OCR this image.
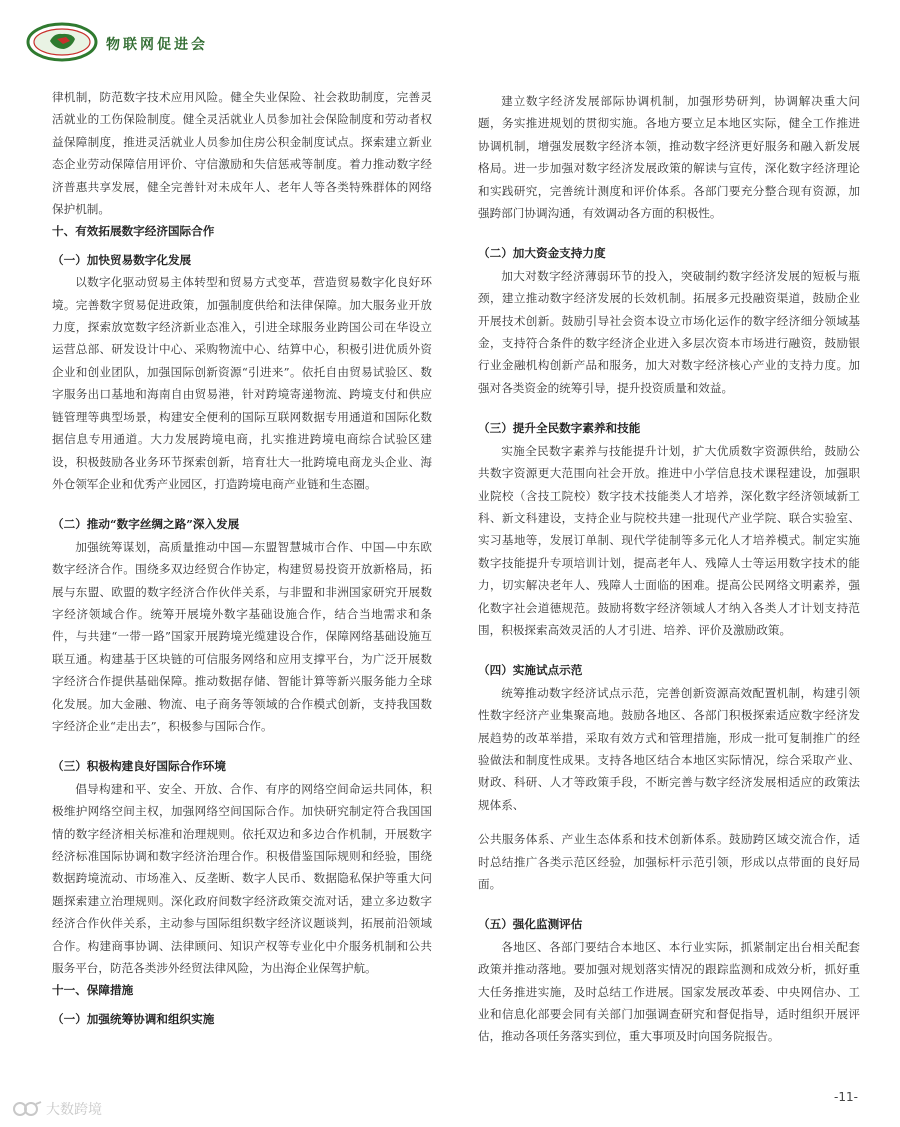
物联网促进会

律机制，防范数字技术应用风险。健全失业保险、社会救助制度，完善灵活就业的工伤保险制度。健全灵活就业人员参加社会保险制度和劳动者权益保障制度，推进灵活就业人员参加住房公积金制度试点。探索建立新业态企业劳动保障信用评价、守信激励和失信惩戒等制度。着力推动数字经济普惠共享发展，健全完善针对未成年人、老年人等各类特殊群体的网络保护机制。

十、有效拓展数字经济国际合作

（一）加快贸易数字化发展

以数字化驱动贸易主体转型和贸易方式变革，营造贸易数字化良好环境。完善数字贸易促进政策，加强制度供给和法律保障。加大服务业开放力度，探索放宽数字经济新业态准入，引进全球服务业跨国公司在华设立运营总部、研发设计中心、采购物流中心、结算中心，积极引进优质外资企业和创业团队，加强国际创新资源“引进来”。依托自由贸易试验区、数字服务出口基地和海南自由贸易港，针对跨境寄递物流、跨境支付和供应链管理等典型场景，构建安全便利的国际互联网数据专用通道和国际化数据信息专用通道。大力发展跨境电商，扎实推进跨境电商综合试验区建设，积极鼓励各业务环节探索创新，培育壮大一批跨境电商龙头企业、海外仓领军企业和优秀产业园区，打造跨境电商产业链和生态圈。

（二）推动“数字丝绸之路”深入发展

加强统筹谋划，高质量推动中国—东盟智慧城市合作、中国—中东欧数字经济合作。围绕多双边经贸合作协定，构建贸易投资开放新格局，拓展与东盟、欧盟的数字经济合作伙伴关系，与非盟和非洲国家研究开展数字经济领域合作。统筹开展境外数字基础设施合作，结合当地需求和条件，与共建“一带一路”国家开展跨境光缆建设合作，保障网络基础设施互联互通。构建基于区块链的可信服务网络和应用支撑平台，为广泛开展数字经济合作提供基础保障。推动数据存储、智能计算等新兴服务能力全球化发展。加大金融、物流、电子商务等领域的合作模式创新，支持我国数字经济企业“走出去”，积极参与国际合作。

（三）积极构建良好国际合作环境

倡导构建和平、安全、开放、合作、有序的网络空间命运共同体，积极维护网络空间主权，加强网络空间国际合作。加快研究制定符合我国国情的数字经济相关标准和治理规则。依托双边和多边合作机制，开展数字经济标准国际协调和数字经济治理合作。积极借鉴国际规则和经验，围绕数据跨境流动、市场准入、反垄断、数字人民币、数据隐私保护等重大问题探索建立治理规则。深化政府间数字经济政策交流对话，建立多边数字经济合作伙伴关系，主动参与国际组织数字经济议题谈判，拓展前沿领域合作。构建商事协调、法律顾问、知识产权等专业化中介服务机制和公共服务平台，防范各类涉外经贸法律风险，为出海企业保驾护航。

十一、保障措施

（一）加强统筹协调和组织实施

建立数字经济发展部际协调机制，加强形势研判，协调解决重大问题，务实推进规划的贯彻实施。各地方要立足本地区实际，健全工作推进协调机制，增强发展数字经济本领，推动数字经济更好服务和融入新发展格局。进一步加强对数字经济发展政策的解读与宣传，深化数字经济理论和实践研究，完善统计测度和评价体系。各部门要充分整合现有资源，加强跨部门协调沟通，有效调动各方面的积极性。

（二）加大资金支持力度

加大对数字经济薄弱环节的投入，突破制约数字经济发展的短板与瓶颈，建立推动数字经济发展的长效机制。拓展多元投融资渠道，鼓励企业开展技术创新。鼓励引导社会资本设立市场化运作的数字经济细分领域基金，支持符合条件的数字经济企业进入多层次资本市场进行融资，鼓励银行业金融机构创新产品和服务，加大对数字经济核心产业的支持力度。加强对各类资金的统筹引导，提升投资质量和效益。

（三）提升全民数字素养和技能

实施全民数字素养与技能提升计划，扩大优质数字资源供给，鼓励公共数字资源更大范围向社会开放。推进中小学信息技术课程建设，加强职业院校（含技工院校）数字技术技能类人才培养，深化数字经济领域新工科、新文科建设，支持企业与院校共建一批现代产业学院、联合实验室、实习基地等，发展订单制、现代学徒制等多元化人才培养模式。制定实施数字技能提升专项培训计划，提高老年人、残障人士等运用数字技术的能力，切实解决老年人、残障人士面临的困难。提高公民网络文明素养，强化数字社会道德规范。鼓励将数字经济领域人才纳入各类人才计划支持范围，积极探索高效灵活的人才引进、培养、评价及激励政策。

（四）实施试点示范

统筹推动数字经济试点示范，完善创新资源高效配置机制，构建引领性数字经济产业集聚高地。鼓励各地区、各部门积极探索适应数字经济发展趋势的改革举措，采取有效方式和管理措施，形成一批可复制推广的经验做法和制度性成果。支持各地区结合本地区实际情况，综合采取产业、财政、科研、人才等政策手段，不断完善与数字经济发展相适应的政策法规体系、

公共服务体系、产业生态体系和技术创新体系。鼓励跨区域交流合作，适时总结推广各类示范区经验，加强标杆示范引领，形成以点带面的良好局面。

（五）强化监测评估

各地区、各部门要结合本地区、本行业实际，抓紧制定出台相关配套政策并推动落地。要加强对规划落实情况的跟踪监测和成效分析，抓好重大任务推进实施，及时总结工作进展。国家发展改革委、中央网信办、工业和信息化部要会同有关部门加强调查研究和督促指导，适时组织开展评估，推动各项任务落实到位，重大事项及时向国务院报告。

-11-
大数跨境
